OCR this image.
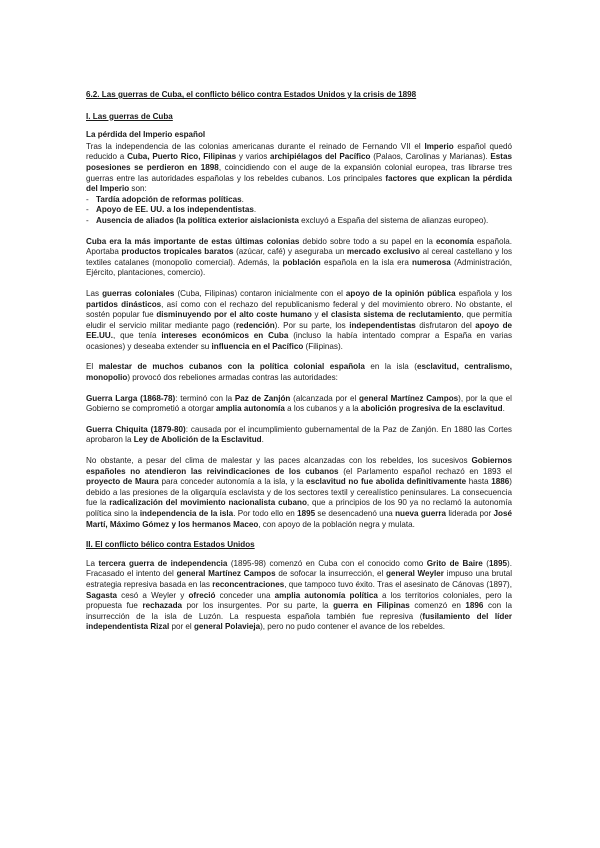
6.2. Las guerras de Cuba, el conflicto bélico contra Estados Unidos y la crisis de 1898

I. Las guerras de Cuba

La pérdida del Imperio español

Tras la independencia de las colonias americanas durante el reinado de Fernando VII el Imperio español quedó reducido a Cuba, Puerto Rico, Filipinas y varios archipiélagos del Pacífico (Palaos, Carolinas y Marianas). Estas posesiones se perdieron en 1898, coincidiendo con el auge de la expansión colonial europea, tras librarse tres guerras entre las autoridades españolas y los rebeldes cubanos. Los principales factores que explican la pérdida del Imperio son:

- Tardía adopción de reformas políticas.
- Apoyo de EE. UU. a los independentistas.
- Ausencia de aliados (la política exterior aislacionista excluyó a España del sistema de alianzas europeo).

Cuba era la más importante de estas últimas colonias debido sobre todo a su papel en la economía española. Aportaba productos tropicales baratos (azúcar, café) y aseguraba un mercado exclusivo al cereal castellano y los textiles catalanes (monopolio comercial). Además, la población española en la isla era numerosa (Administración, Ejército, plantaciones, comercio).

Las guerras coloniales (Cuba, Filipinas) contaron inicialmente con el apoyo de la opinión pública española y los partidos dinásticos, así como con el rechazo del republicanismo federal y del movimiento obrero. No obstante, el sostén popular fue disminuyendo por el alto coste humano y el clasista sistema de reclutamiento, que permitía eludir el servicio militar mediante pago (redención). Por su parte, los independentistas disfrutaron del apoyo de EE.UU., que tenía intereses económicos en Cuba (incluso la había intentado comprar a España en varias ocasiones) y deseaba extender su influencia en el Pacífico (Filipinas).

El malestar de muchos cubanos con la política colonial española en la isla (esclavitud, centralismo, monopolio) provocó dos rebeliones armadas contras las autoridades:

Guerra Larga (1868-78): terminó con la Paz de Zanjón (alcanzada por el general Martínez Campos), por la que el Gobierno se comprometió a otorgar amplia autonomía a los cubanos y a la abolición progresiva de la esclavitud.

Guerra Chiquita (1879-80): causada por el incumplimiento gubernamental de la Paz de Zanjón. En 1880 las Cortes aprobaron la Ley de Abolición de la Esclavitud.

No obstante, a pesar del clima de malestar y las paces alcanzadas con los rebeldes, los sucesivos Gobiernos españoles no atendieron las reivindicaciones de los cubanos (el Parlamento español rechazó en 1893 el proyecto de Maura para conceder autonomía a la isla, y la esclavitud no fue abolida definitivamente hasta 1886) debido a las presiones de la oligarquía esclavista y de los sectores textil y cerealístico peninsulares. La consecuencia fue la radicalización del movimiento nacionalista cubano, que a principios de los 90 ya no reclamó la autonomía política sino la independencia de la isla. Por todo ello en 1895 se desencadenó una nueva guerra liderada por José Martí, Máximo Gómez y los hermanos Maceo, con apoyo de la población negra y mulata.

II. El conflicto bélico contra Estados Unidos

La tercera guerra de independencia (1895-98) comenzó en Cuba con el conocido como Grito de Baire (1895). Fracasado el intento del general Martínez Campos de sofocar la insurrección, el general Weyler impuso una brutal estrategia represiva basada en las reconcentraciones, que tampoco tuvo éxito. Tras el asesinato de Cánovas (1897), Sagasta cesó a Weyler y ofreció conceder una amplia autonomía política a los territorios coloniales, pero la propuesta fue rechazada por los insurgentes. Por su parte, la guerra en Filipinas comenzó en 1896 con la insurrección de la isla de Luzón. La respuesta española también fue represiva (fusilamiento del líder independentista Rizal por el general Polavieja), pero no pudo contener el avance de los rebeldes.
